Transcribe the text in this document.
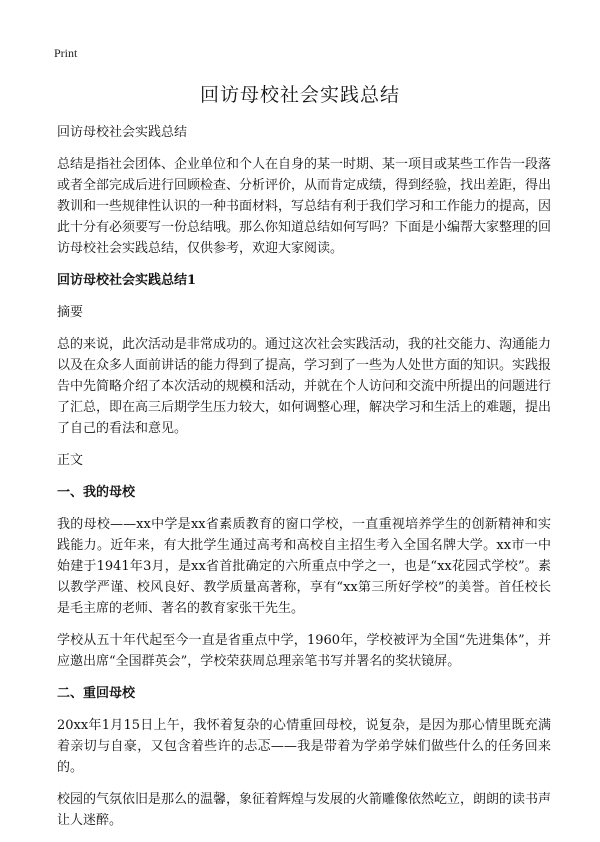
Print
回访母校社会实践总结

回访母校社会实践总结

总结是指社会团体、企业单位和个人在自身的某一时期、某一项目或某些工作告一段落或者全部完成后进行回顾检查、分析评价，从而肯定成绩，得到经验，找出差距，得出教训和一些规律性认识的一种书面材料，写总结有利于我们学习和工作能力的提高，因此十分有必须要写一份总结哦。那么你知道总结如何写吗？下面是小编帮大家整理的回访母校社会实践总结，仅供参考，欢迎大家阅读。

回访母校社会实践总结1

摘要

总的来说，此次活动是非常成功的。通过这次社会实践活动，我的社交能力、沟通能力以及在众多人面前讲话的能力得到了提高，学习到了一些为人处世方面的知识。实践报告中先简略介绍了本次活动的规模和活动，并就在个人访问和交流中所提出的问题进行了汇总，即在高三后期学生压力较大，如何调整心理，解决学习和生活上的难题，提出了自己的看法和意见。

正文

一、我的母校

我的母校——xx中学是xx省素质教育的窗口学校，一直重视培养学生的创新精神和实践能力。近年来，有大批学生通过高考和高校自主招生考入全国名牌大学。xx市一中始建于1941年3月，是xx省首批确定的六所重点中学之一，也是“xx花园式学校”。素以教学严谨、校风良好、教学质量高著称，享有“xx第三所好学校”的美誉。首任校长是毛主席的老师、著名的教育家张干先生。

学校从五十年代起至今一直是省重点中学，1960年，学校被评为全国“先进集体”，并应邀出席“全国群英会”，学校荣获周总理亲笔书写并署名的奖状镜屏。

二、重回母校

20xx年1月15日上午，我怀着复杂的心情重回母校，说复杂，是因为那心情里既充满着亲切与自豪，又包含着些许的忐忑——我是带着为学弟学妹们做些什么的任务回来的。

校园的气氛依旧是那么的温馨，象征着辉煌与发展的火箭雕像依然屹立，朗朗的读书声让人迷醉。
